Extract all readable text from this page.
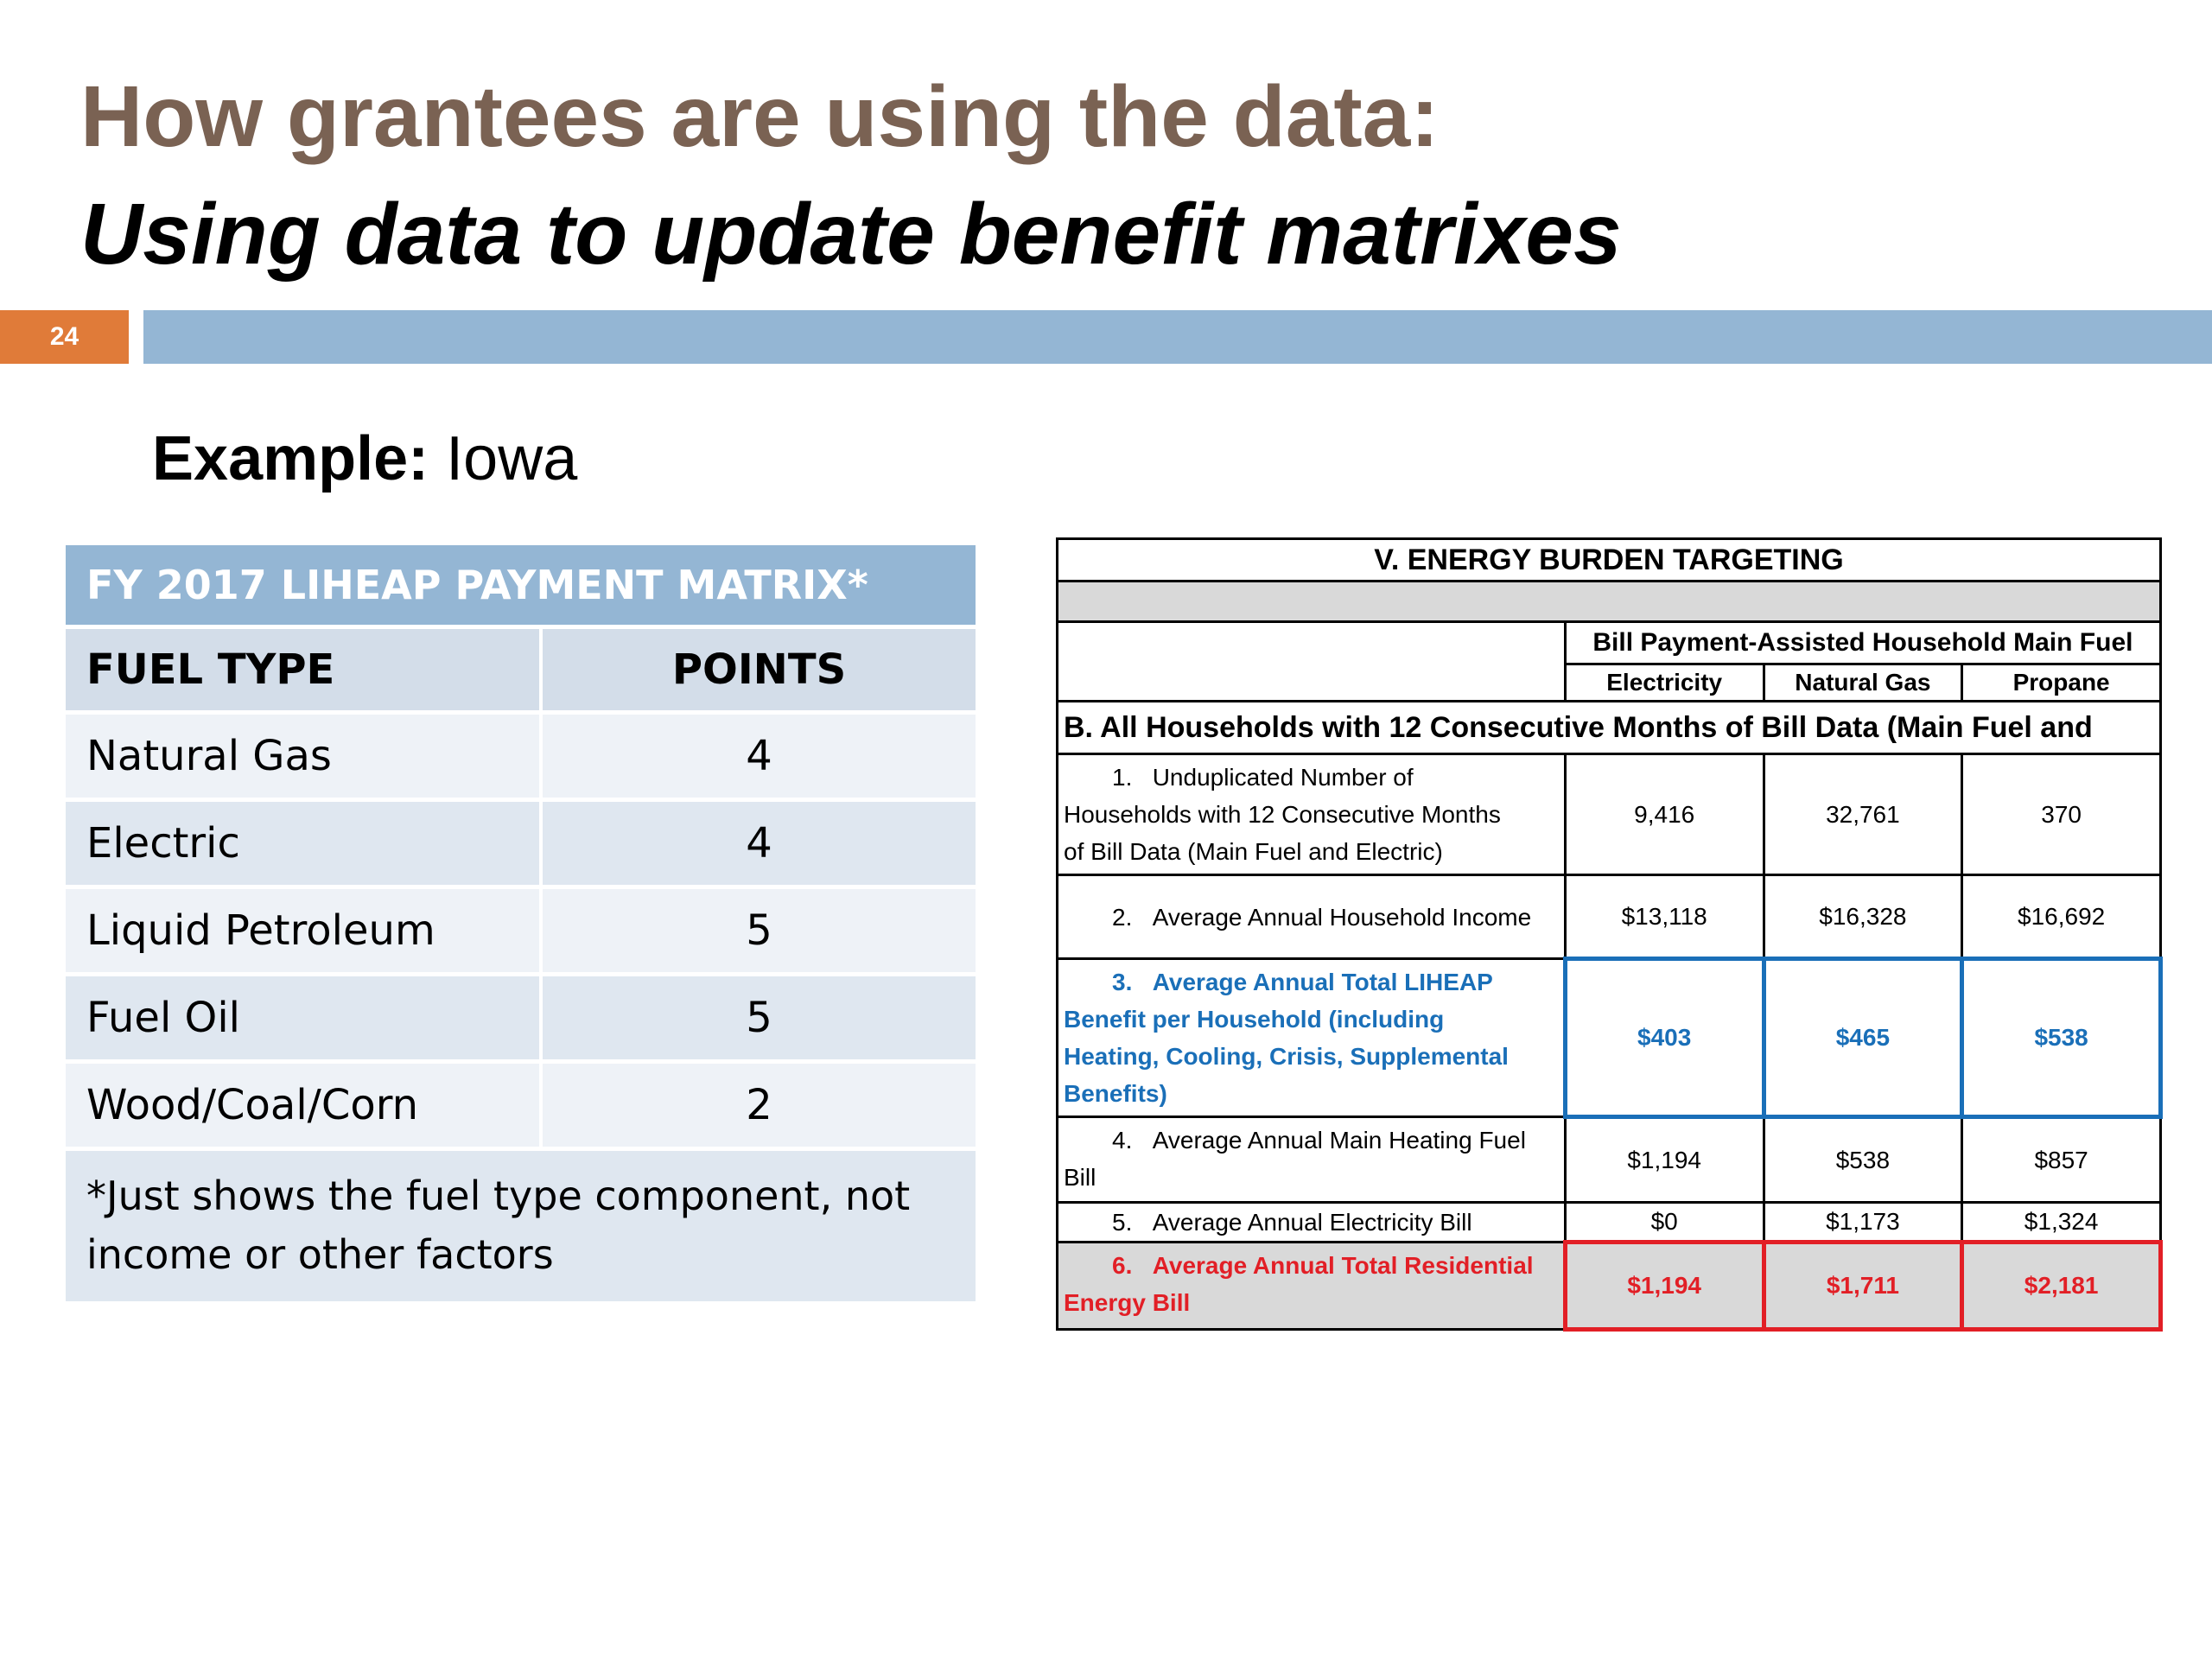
How grantees are using the data:
Using data to update benefit matrixes
24
Example: Iowa
FY 2017 LIHEAP PAYMENT MATRIX*	
FUEL TYPE	POINTS
Natural Gas	4
Electric	4
Liquid Petroleum	5
Fuel Oil	5
Wood/Coal/Corn	2
*Just shows the fuel type component, not
income or other factors	
V. ENERGY BURDEN TARGETING			

	Bill Payment-Assisted Household Main Fuel		
	Electricity	Natural Gas	Propane
B. All Households with 12 Consecutive Months of Bill Data (Main Fuel and			
1. Unduplicated Number of
Households with 12 Consecutive Months
of Bill Data (Main Fuel and Electric)	9,416	32,761	370
2. Average Annual Household Income	$13,118	$16,328	$16,692
3. Average Annual Total LIHEAP
Benefit per Household (including
Heating, Cooling, Crisis, Supplemental
Benefits)	$403	$465	$538
4. Average Annual Main Heating Fuel
Bill	$1,194	$538	$857
5. Average Annual Electricity Bill	$0	$1,173	$1,324
6. Average Annual Total Residential
Energy Bill	$1,194	$1,711	$2,181
